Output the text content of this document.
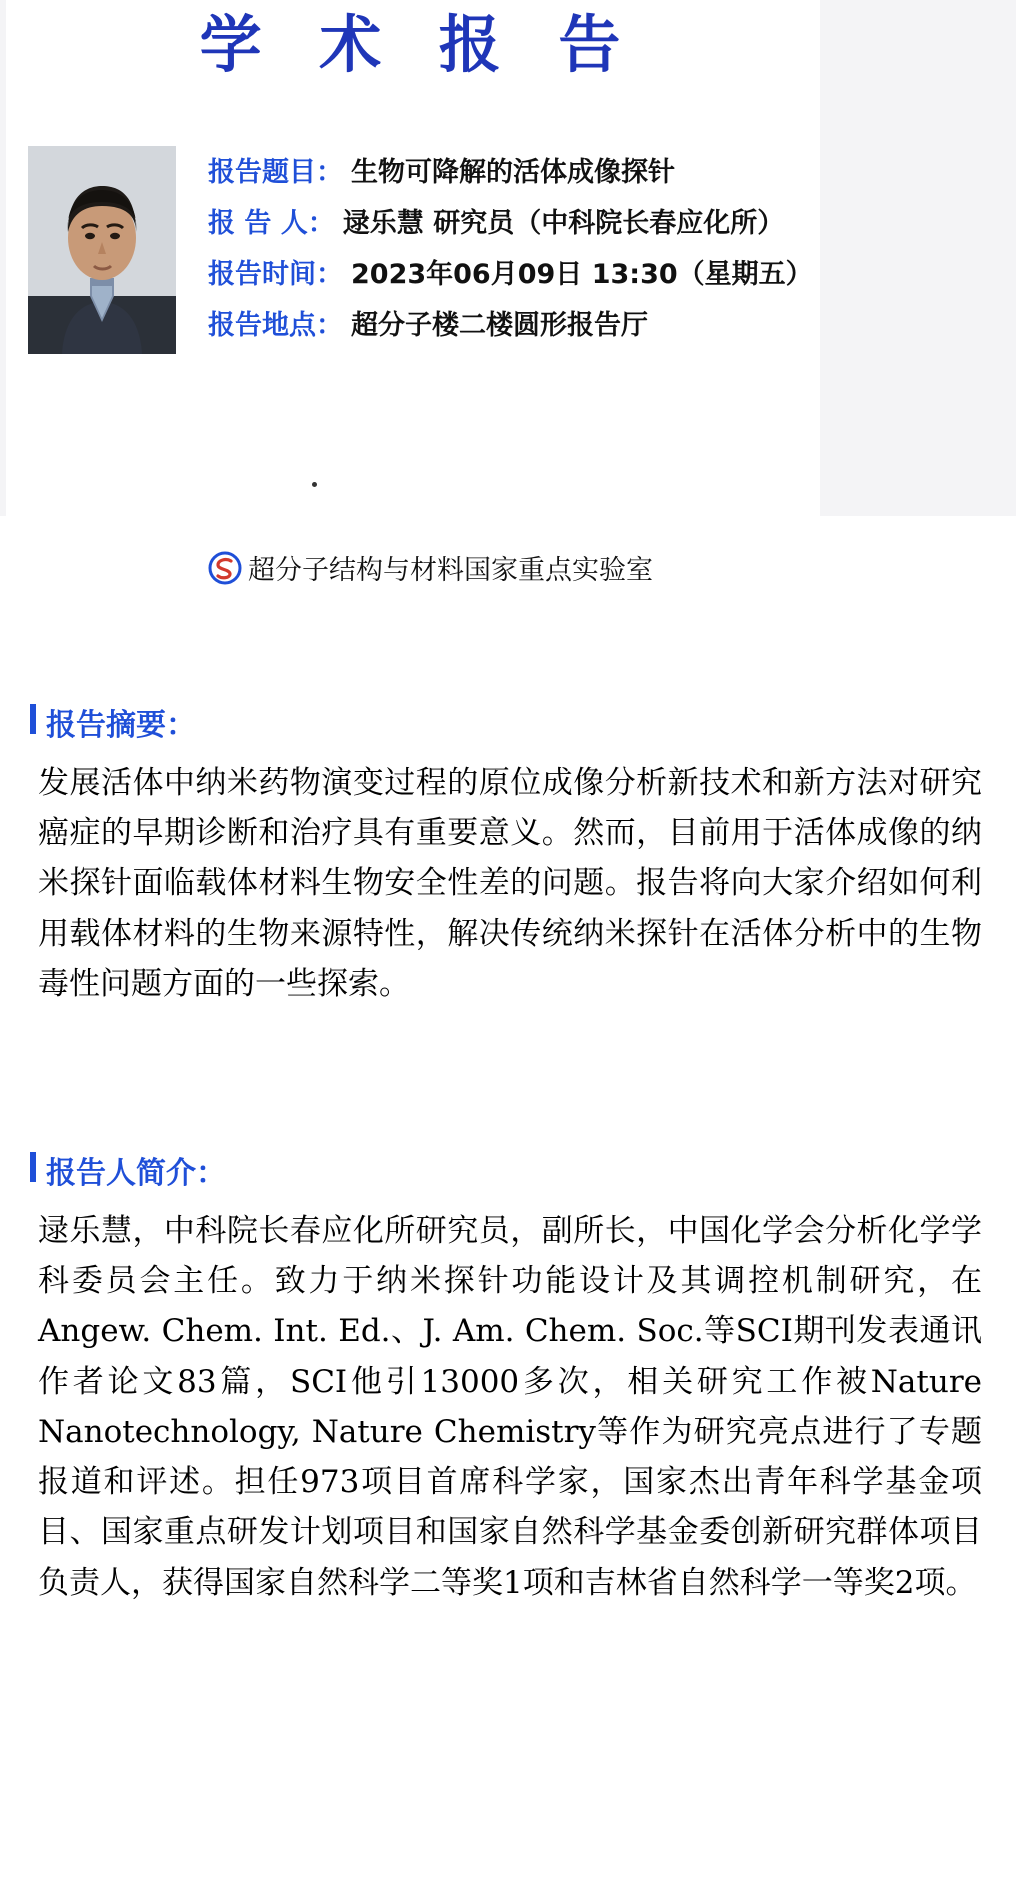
学 术 报 告
报告题目： 生物可降解的活体成像探针
报 告 人： 逯乐慧 研究员（中科院长春应化所）
报告时间： 2023年06月09日 13:30（星期五）
报告地点： 超分子楼二楼圆形报告厅
超分子结构与材料国家重点实验室
报告摘要：
发展活体中纳米药物演变过程的原位成像分析新技术和新方法对研究癌症的早期诊断和治疗具有重要意义。然而，目前用于活体成像的纳米探针面临载体材料生物安全性差的问题。报告将向大家介绍如何利用载体材料的生物来源特性，解决传统纳米探针在活体分析中的生物毒性问题方面的一些探索。
报告人简介：
逯乐慧，中科院长春应化所研究员，副所长，中国化学会分析化学学科委员会主任。致力于纳米探针功能设计及其调控机制研究，在Angew. Chem. Int. Ed.、J. Am. Chem. Soc.等SCI期刊发表通讯作者论文83篇，SCI他引13000多次，相关研究工作被Nature Nanotechnology, Nature Chemistry等作为研究亮点进行了专题报道和评述。担任973项目首席科学家，国家杰出青年科学基金项目、国家重点研发计划项目和国家自然科学基金委创新研究群体项目负责人，获得国家自然科学二等奖1项和吉林省自然科学一等奖2项。
